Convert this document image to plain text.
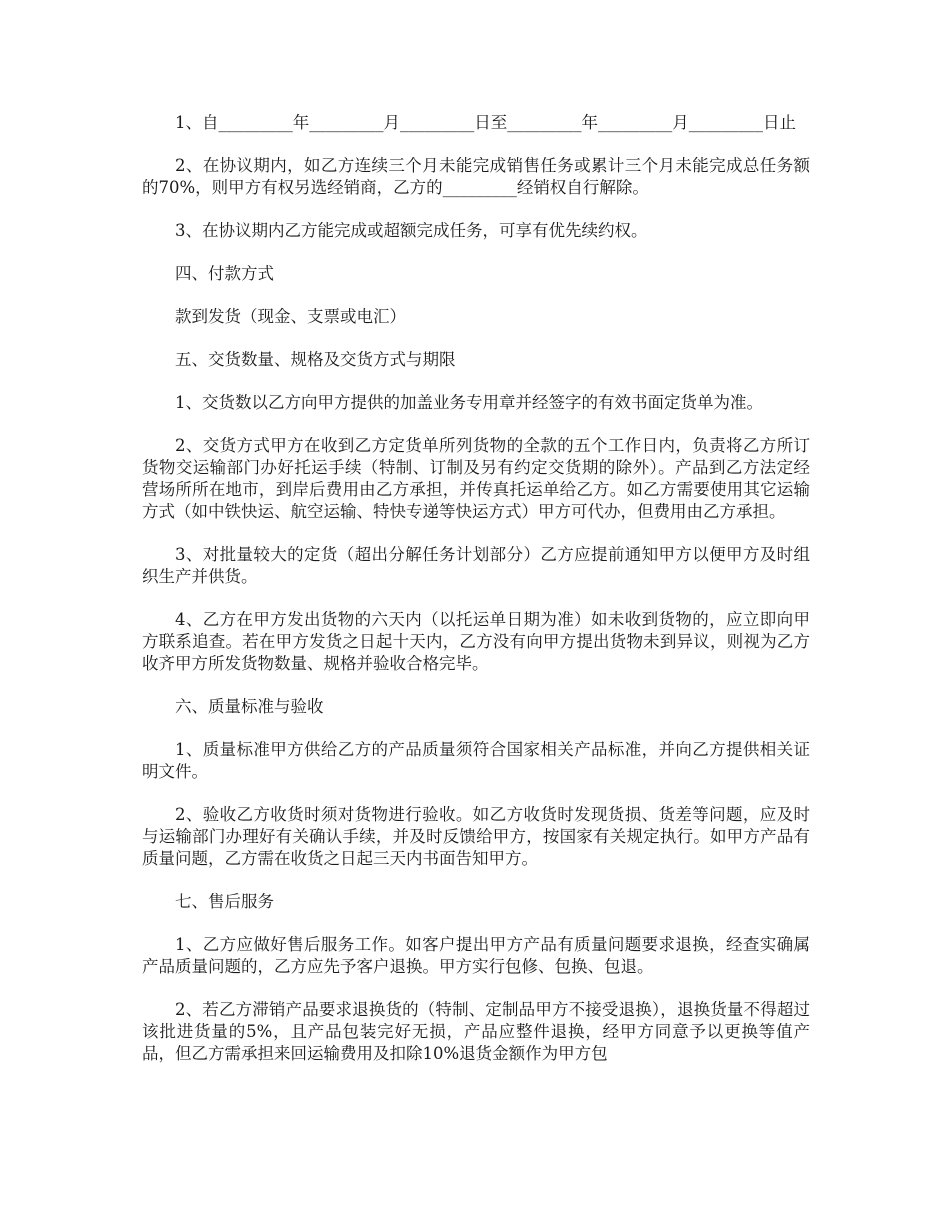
1、自_________年_________月_________日至_________年_________月_________日止

2、在协议期内，如乙方连续三个月未能完成销售任务或累计三个月未能完成总任务额的70%，则甲方有权另选经销商，乙方的_________经销权自行解除。

3、在协议期内乙方能完成或超额完成任务，可享有优先续约权。

四、付款方式

款到发货（现金、支票或电汇）

五、交货数量、规格及交货方式与期限

1、交货数以乙方向甲方提供的加盖业务专用章并经签字的有效书面定货单为准。

2、交货方式甲方在收到乙方定货单所列货物的全款的五个工作日内，负责将乙方所订货物交运输部门办好托运手续（特制、订制及另有约定交货期的除外）。产品到乙方法定经营场所所在地市，到岸后费用由乙方承担，并传真托运单给乙方。如乙方需要使用其它运输方式（如中铁快运、航空运输、特快专递等快运方式）甲方可代办，但费用由乙方承担。

3、对批量较大的定货（超出分解任务计划部分）乙方应提前通知甲方以便甲方及时组织生产并供货。

4、乙方在甲方发出货物的六天内（以托运单日期为准）如未收到货物的，应立即向甲方联系追查。若在甲方发货之日起十天内，乙方没有向甲方提出货物未到异议，则视为乙方收齐甲方所发货物数量、规格并验收合格完毕。

六、质量标准与验收

1、质量标准甲方供给乙方的产品质量须符合国家相关产品标准，并向乙方提供相关证明文件。

2、验收乙方收货时须对货物进行验收。如乙方收货时发现货损、货差等问题，应及时与运输部门办理好有关确认手续，并及时反馈给甲方，按国家有关规定执行。如甲方产品有质量问题，乙方需在收货之日起三天内书面告知甲方。

七、售后服务

1、乙方应做好售后服务工作。如客户提出甲方产品有质量问题要求退换，经查实确属产品质量问题的，乙方应先予客户退换。甲方实行包修、包换、包退。

2、若乙方滞销产品要求退换货的（特制、定制品甲方不接受退换），退换货量不得超过该批进货量的5%，且产品包装完好无损，产品应整件退换，经甲方同意予以更换等值产品，但乙方需承担来回运输费用及扣除10%退货金额作为甲方包
